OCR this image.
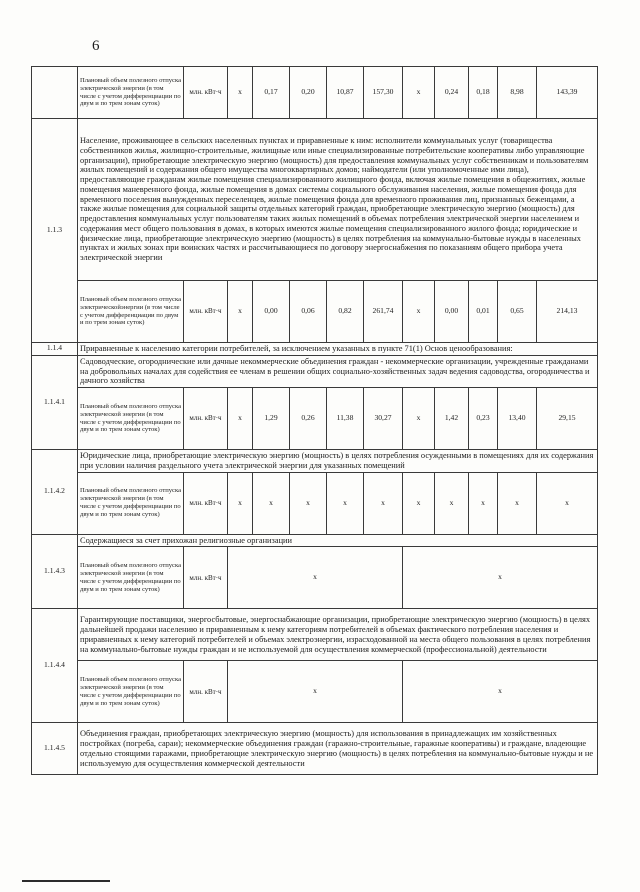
6
	Плановый объем полезного отпуска электрической энергии (в том числе с учетом дифференциации по двум и по трем зонам суток)	млн. кВт·ч	х	0,17	0,20	10,87	157,30	х	0,24	0,18	8,98	143,39
1.1.3	Население, проживающее в сельских населенных пунктах и приравненные к ним: исполнители коммунальных услуг (товарищества собственников жилья, жилищно-строительные, жилищные или иные специализированные потребительские кооперативы либо управляющие организации), приобретающие электрическую энергию (мощность) для предоставления коммунальных услуг собственникам и пользователям жилых помещений и содержания общего имущества многоквартирных домов; наймодатели (или уполномоченные ими лица), предоставляющие гражданам жилые помещения специализированного жилищного фонда, включая жилые помещения в общежитиях, жилые помещения маневренного фонда, жилые помещения в домах системы социального обслуживания населения, жилые помещения фонда для временного поселения вынужденных переселенцев, жилые помещения фонда для временного проживания лиц, признанных беженцами, а также жилые помещения для социальной защиты отдельных категорий граждан, приобретающие электрическую энергию (мощность) для предоставления коммунальных услуг пользователям таких жилых помещений в объемах потребления электрической энергии населением и содержания мест общего пользования в домах, в которых имеются жилые помещения специализированного жилого фонда; юридические и физические лица, приобретающие электрическую энергию (мощность) в целях потребления на коммунально-бытовые нужды в населенных пунктах и жилых зонах при воинских частях и рассчитывающиеся по договору энергоснабжения по показаниям общего прибора учета электрической энергии											
	Плановый объем полезного отпуска электрическойэнергии (в том числе с учетом дифференциации по двум и по трем зонам суток)	млн. кВт·ч	х	0,00	0,06	0,82	261,74	х	0,00	0,01	0,65	214,13
1.1.4	Приравненные к населению категории потребителей, за исключением указанных в пункте 71(1) Основ ценообразования:											
1.1.4.1	Садоводческие, огороднические или дачные некоммерческие объединения граждан - некоммерческие организации, учрежденные гражданами на добровольных началах для содействия ее членам в решении общих социально-хозяйственных задач ведения садоводства, огородничества и дачного хозяйства											
	Плановый объем полезного отпуска электрической энергии (в том числе с учетом дифференциации по двум и по трем зонам суток)	млн. кВт·ч	х	1,29	0,26	11,38	30,27	х	1,42	0,23	13,40	29,15
1.1.4.2	Юридические лица, приобретающие электрическую энергию (мощность) в целях потребления осужденными в помещениях для их содержания при условии наличия раздельного учета электрической энергии для указанных помещений											
	Плановый объем полезного отпуска электрической энергии (в том числе с учетом дифференциации по двум и по трем зонам суток)	млн. кВт·ч	х	х	х	х	х	х	х	х	х	х
1.1.4.3	Содержащиеся за счет прихожан религиозные организации											
	Плановый объем полезного отпуска электрической энергии (в том числе с учетом дифференциации по двум и по трем зонам суток)	млн. кВт·ч	х					х				
1.1.4.4	Гарантирующие поставщики, энергосбытовые, энергоснабжающие организации, приобретающие электрическую энергию (мощность) в целях дальнейшей продажи населению и приравненным к нему категориям потребителей в объемах фактического потребления населения и приравненных к нему категорий потребителей и объемах электроэнергии, израсходованной на места общего пользования в целях потребления на коммунально-бытовые нужды граждан и не используемой для осуществления коммерческой (профессиональной) деятельности											
	Плановый объем полезного отпуска электрической энергии (в том числе с учетом дифференциации по двум и по трем зонам суток)	млн. кВт·ч	х					х				
1.1.4.5	Объединения граждан, приобретающих электрическую энергию (мощность) для использования в принадлежащих им хозяйственных постройках (погреба, сараи); некоммерческие объединения граждан (гаражно-строительные, гаражные кооперативы) и граждане, владеющие отдельно стоящими гаражами, приобретающие электрическую энергию (мощность) в целях потребления на коммунально-бытовые нужды и не используемую для осуществления коммерческой деятельности											
